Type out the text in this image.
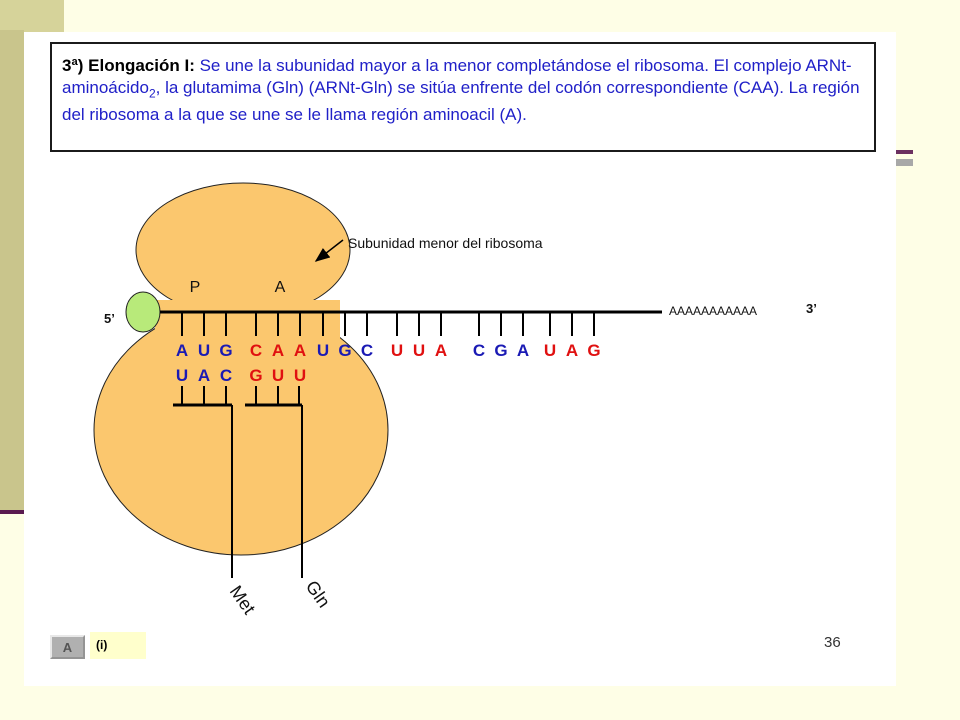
3ª) Elongación I: Se une la subunidad mayor a la menor completándose el ribosoma. El complejo ARNt-aminoácido$_2$, la glutamima (Gln) (ARNt-Gln) se sitúa enfrente del codón correspondiente (CAA). La región del ribosoma a la que se une se le llama región aminoacil (A).
A U G C A A U G C U U A C G A U A G
U A C G U U
Subunidad menor del ribosoma
P	A
5’	AAAAAAAAAAA	3’
Met Gln
A	(i)	36
